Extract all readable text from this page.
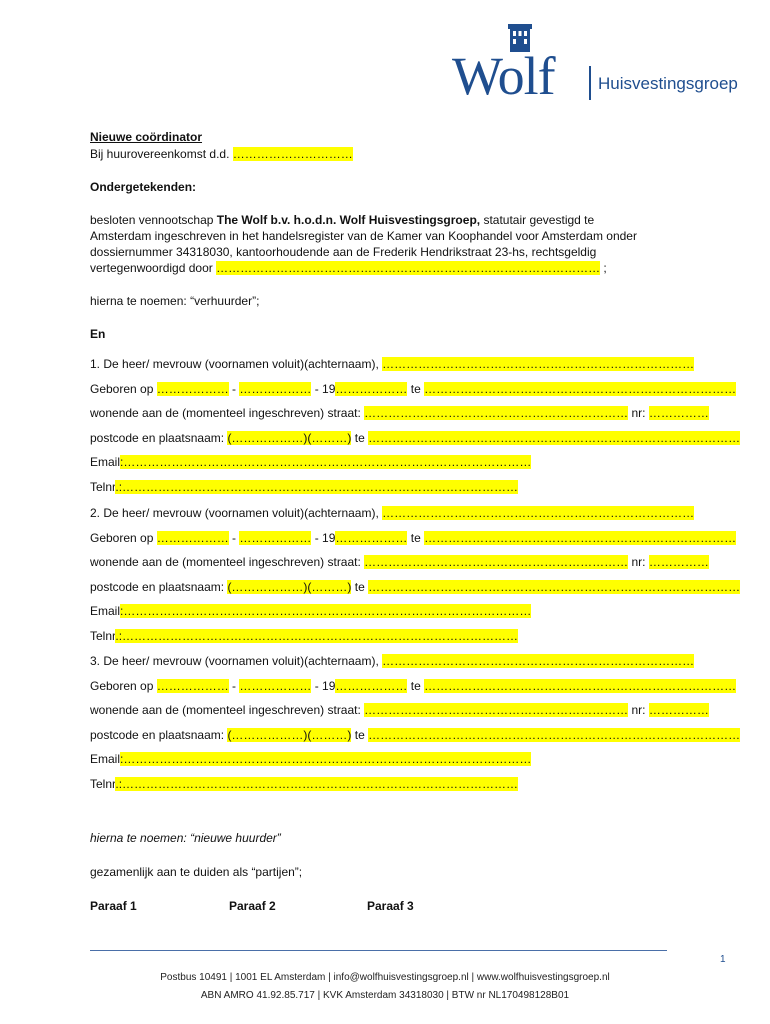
Wolf	Huisvestingsgroep
Nieuwe coördinator
Bij huurovereenkomst d.d. …………………………
Ondergetekenden:
besloten vennootschap The Wolf b.v. h.o.d.n. Wolf Huisvestingsgroep, statutair gevestigd te
Amsterdam ingeschreven in het handelsregister van de Kamer van Koophandel voor Amsterdam onder
dossiernummer 34318030, kantoorhoudende aan de Frederik Hendrikstraat 23-hs, rechtsgeldig
vertegenwoordigd door …………………………………………………………………………………… ;
hierna te noemen: “verhuurder”;
En
1. De heer/ mevrouw (voornamen voluit)(achternaam), ……………………………………………………………………
Geboren op ……………… - ……………… - 19……………… te ……………………………………………………………………
wonende aan de (momenteel ingeschreven) straat: ………………………………………………………… nr: ……………
postcode en plaatsnaam: (………………)(………) te …………………………………………………………………………………
Email:…………………………………………………………………………………………
Telnr.:………………………………………………………………………………………
2. De heer/ mevrouw (voornamen voluit)(achternaam), ……………………………………………………………………
Geboren op ……………… - ……………… - 19……………… te ……………………………………………………………………
wonende aan de (momenteel ingeschreven) straat: ………………………………………………………… nr: ……………
postcode en plaatsnaam: (………………)(………) te …………………………………………………………………………………
Email:…………………………………………………………………………………………
Telnr.:………………………………………………………………………………………
3. De heer/ mevrouw (voornamen voluit)(achternaam), ……………………………………………………………………
Geboren op ……………… - ……………… - 19……………… te ……………………………………………………………………
wonende aan de (momenteel ingeschreven) straat: ………………………………………………………… nr: ……………
postcode en plaatsnaam: (………………)(………) te …………………………………………………………………………………
Email:…………………………………………………………………………………………
Telnr.:………………………………………………………………………………………
hierna te noemen: “nieuwe huurder”
gezamenlijk aan te duiden als “partijen”;
Paraaf 1	Paraaf 2	Paraaf 3
1
Postbus 10491 | 1001 EL Amsterdam | info@wolfhuisvestingsgroep.nl | www.wolfhuisvestingsgroep.nl
ABN AMRO 41.92.85.717 | KVK Amsterdam 34318030 | BTW nr NL170498128B01
